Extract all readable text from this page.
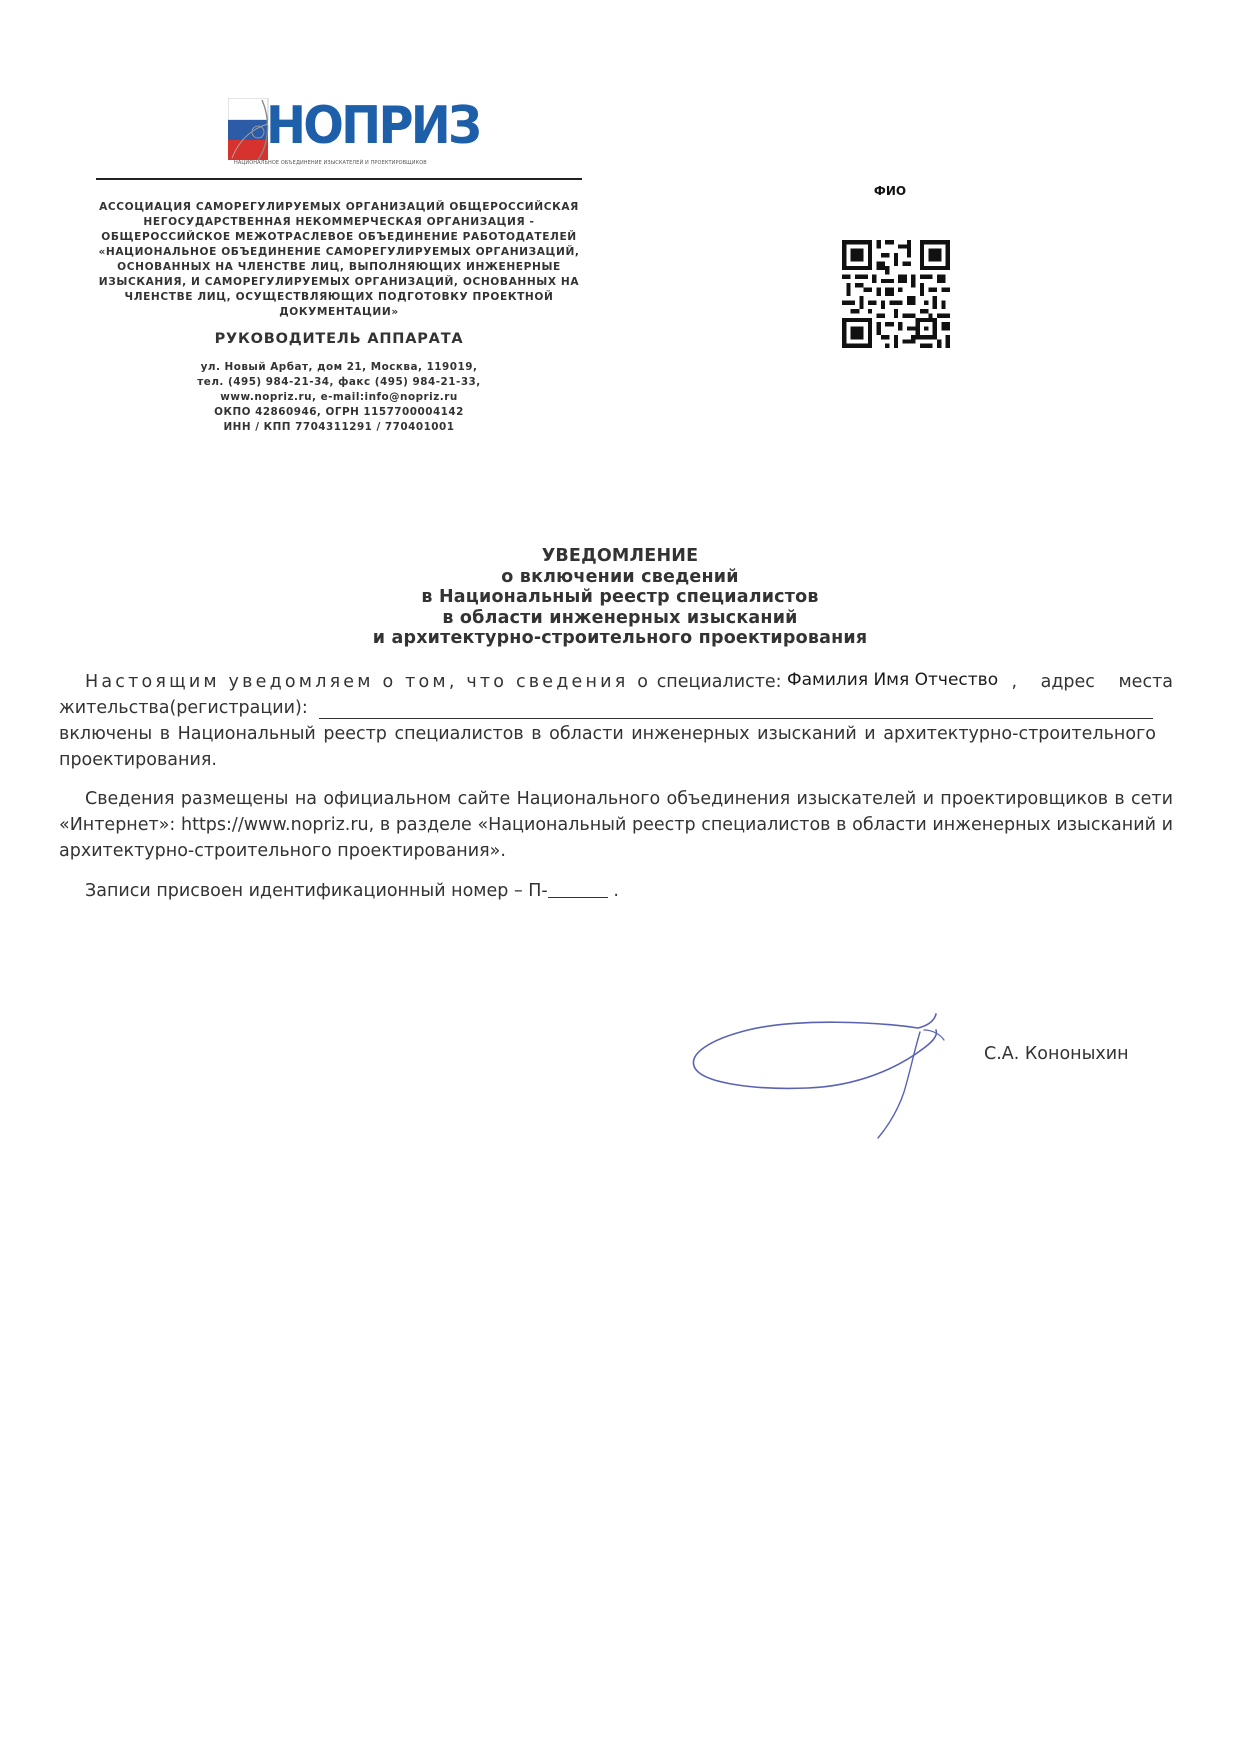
НОПРИЗ
НАЦИОНАЛЬНОЕ ОБЪЕДИНЕНИЕ ИЗЫСКАТЕЛЕЙ И ПРОЕКТИРОВЩИКОВ
АССОЦИАЦИЯ САМОРЕГУЛИРУЕМЫХ ОРГАНИЗАЦИЙ ОБЩЕРОССИЙСКАЯ
НЕГОСУДАРСТВЕННАЯ НЕКОММЕРЧЕСКАЯ ОРГАНИЗАЦИЯ -
ОБЩЕРОССИЙСКОЕ МЕЖОТРАСЛЕВОЕ ОБЪЕДИНЕНИЕ РАБОТОДАТЕЛЕЙ
«НАЦИОНАЛЬНОЕ ОБЪЕДИНЕНИЕ САМОРЕГУЛИРУЕМЫХ ОРГАНИЗАЦИЙ,
ОСНОВАННЫХ НА ЧЛЕНСТВЕ ЛИЦ, ВЫПОЛНЯЮЩИХ ИНЖЕНЕРНЫЕ
ИЗЫСКАНИЯ, И САМОРЕГУЛИРУЕМЫХ ОРГАНИЗАЦИЙ, ОСНОВАННЫХ НА
ЧЛЕНСТВЕ ЛИЦ, ОСУЩЕСТВЛЯЮЩИХ ПОДГОТОВКУ ПРОЕКТНОЙ
ДОКУМЕНТАЦИИ»
РУКОВОДИТЕЛЬ АППАРАТА
ул. Новый Арбат, дом 21, Москва, 119019,
тел. (495) 984-21-34, факс (495) 984-21-33,
www.nopriz.ru, e-mail:info@nopriz.ru
ОКПО 42860946, ОГРН 1157700004142
ИНН / КПП 7704311291 / 770401001
ФИО
УВЕДОМЛЕНИЕ
о включении сведений
в Национальный реестр специалистов
в области инженерных изысканий
и архитектурно-строительного проектирования
Настоящим уведомляем о том, что сведения о специалисте: Фамилия Имя Отчество , адрес места
жительства(регистрации):
включены в Национальный реестр специалистов в области инженерных изысканий и архитектурно-строительного
проектирования.
Сведения размещены на официальном сайте Национального объединения изыскателей и проектировщиков в сети «Интернет»: https://www.nopriz.ru, в разделе «Национальный реестр специалистов в области инженерных изысканий и архитектурно-строительного проектирования».
Записи присвоен идентификационный номер – П-	.
С.А. Кононыхин
